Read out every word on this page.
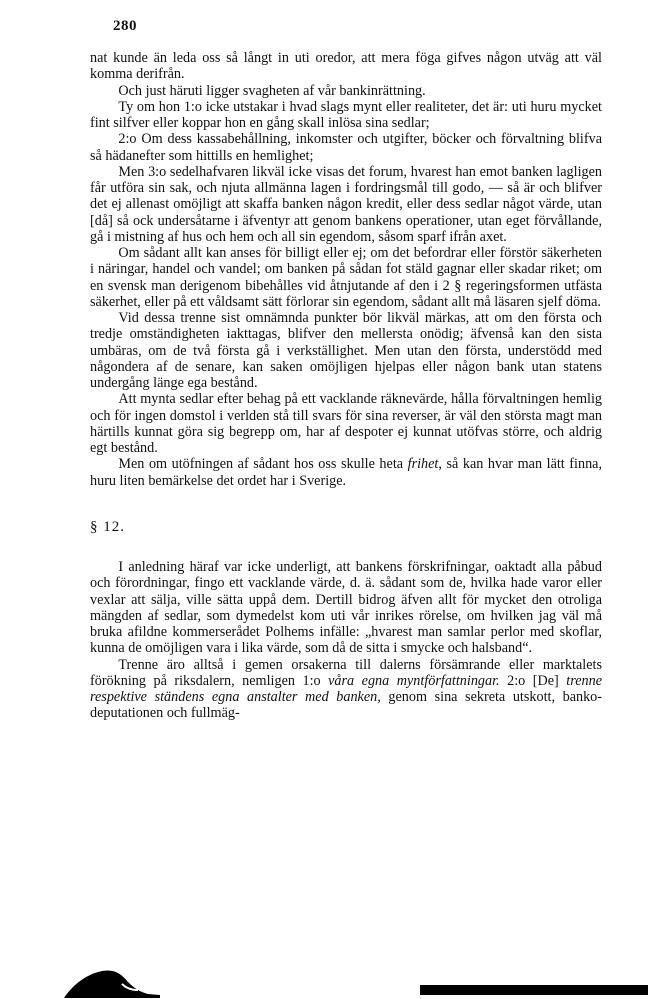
280

nat kunde än leda oss så långt in uti oredor, att mera föga gifves någon utväg att väl komma derifrån.

Och just häruti ligger svagheten af vår bankinrättning.

Ty om hon 1:o icke utstakar i hvad slags mynt eller realiteter, det är: uti huru mycket fint silfver eller koppar hon en gång skall inlösa sina sedlar;

2:o Om dess kassabehållning, inkomster och utgifter, böcker och förvaltning blifva så hädanefter som hittills en hemlighet;

Men 3:o sedelhafvaren likväl icke visas det forum, hvarest han emot banken lagligen får utföra sin sak, och njuta allmänna lagen i fordringsmål till godo, — så är och blifver det ej allenast omöjligt att skaffa banken någon kredit, eller dess sedlar något värde, utan [då] så ock undersåtarne i äfventyr att genom bankens operationer, utan eget förvållande, gå i mistning af hus och hem och all sin egendom, såsom sparf ifrån axet.

Om sådant allt kan anses för billigt eller ej; om det befordrar eller förstör säkerheten i näringar, handel och vandel; om banken på sådan fot stäld gagnar eller skadar riket; om en svensk man derigenom bibehålles vid åtnjutande af den i 2 § regeringsformen utfästa säkerhet, eller på ett våldsamt sätt förlorar sin egendom, sådant allt må läsaren sjelf döma.

Vid dessa trenne sist omnämnda punkter bör likväl märkas, att om den första och tredje omständigheten iakttagas, blifver den mellersta onödig; äfvenså kan den sista umbäras, om de två första gå i verkställighet. Men utan den första, understödd med någondera af de senare, kan saken omöjligen hjelpas eller någon bank utan statens undergång länge ega bestånd.

Att mynta sedlar efter behag på ett vacklande räknevärde, hålla förvaltningen hemlig och för ingen domstol i verlden stå till svars för sina reverser, är väl den största magt man härtills kunnat göra sig begrepp om, har af despoter ej kunnat utöfvas större, och aldrig egt bestånd.

Men om utöfningen af sådant hos oss skulle heta frihet, så kan hvar man lätt finna, huru liten bemärkelse det ordet har i Sverige.

§ 12.

I anledning häraf var icke underligt, att bankens förskrifningar, oaktadt alla påbud och förordningar, fingo ett vacklande värde, d. ä. sådant som de, hvilka hade varor eller vexlar att sälja, ville sätta uppå dem. Dertill bidrog äfven allt för mycket den otroliga mängden af sedlar, som dymedelst kom uti vår inrikes rörelse, om hvilken jag väl må bruka afildne kommerserådet Polhems infälle: „hvarest man samlar perlor med skoflar, kunna de omöjligen vara i lika värde, som då de sitta i smycke och halsband“.

Trenne äro alltså i gemen orsakerna till dalerns försämrande eller marktalets förökning på riksdalern, nemligen 1:o våra egna myntförfattningar. 2:o [De] trenne respektive ständens egna anstalter med banken, genom sina sekreta utskott, banko-deputationen och fullmäg-
